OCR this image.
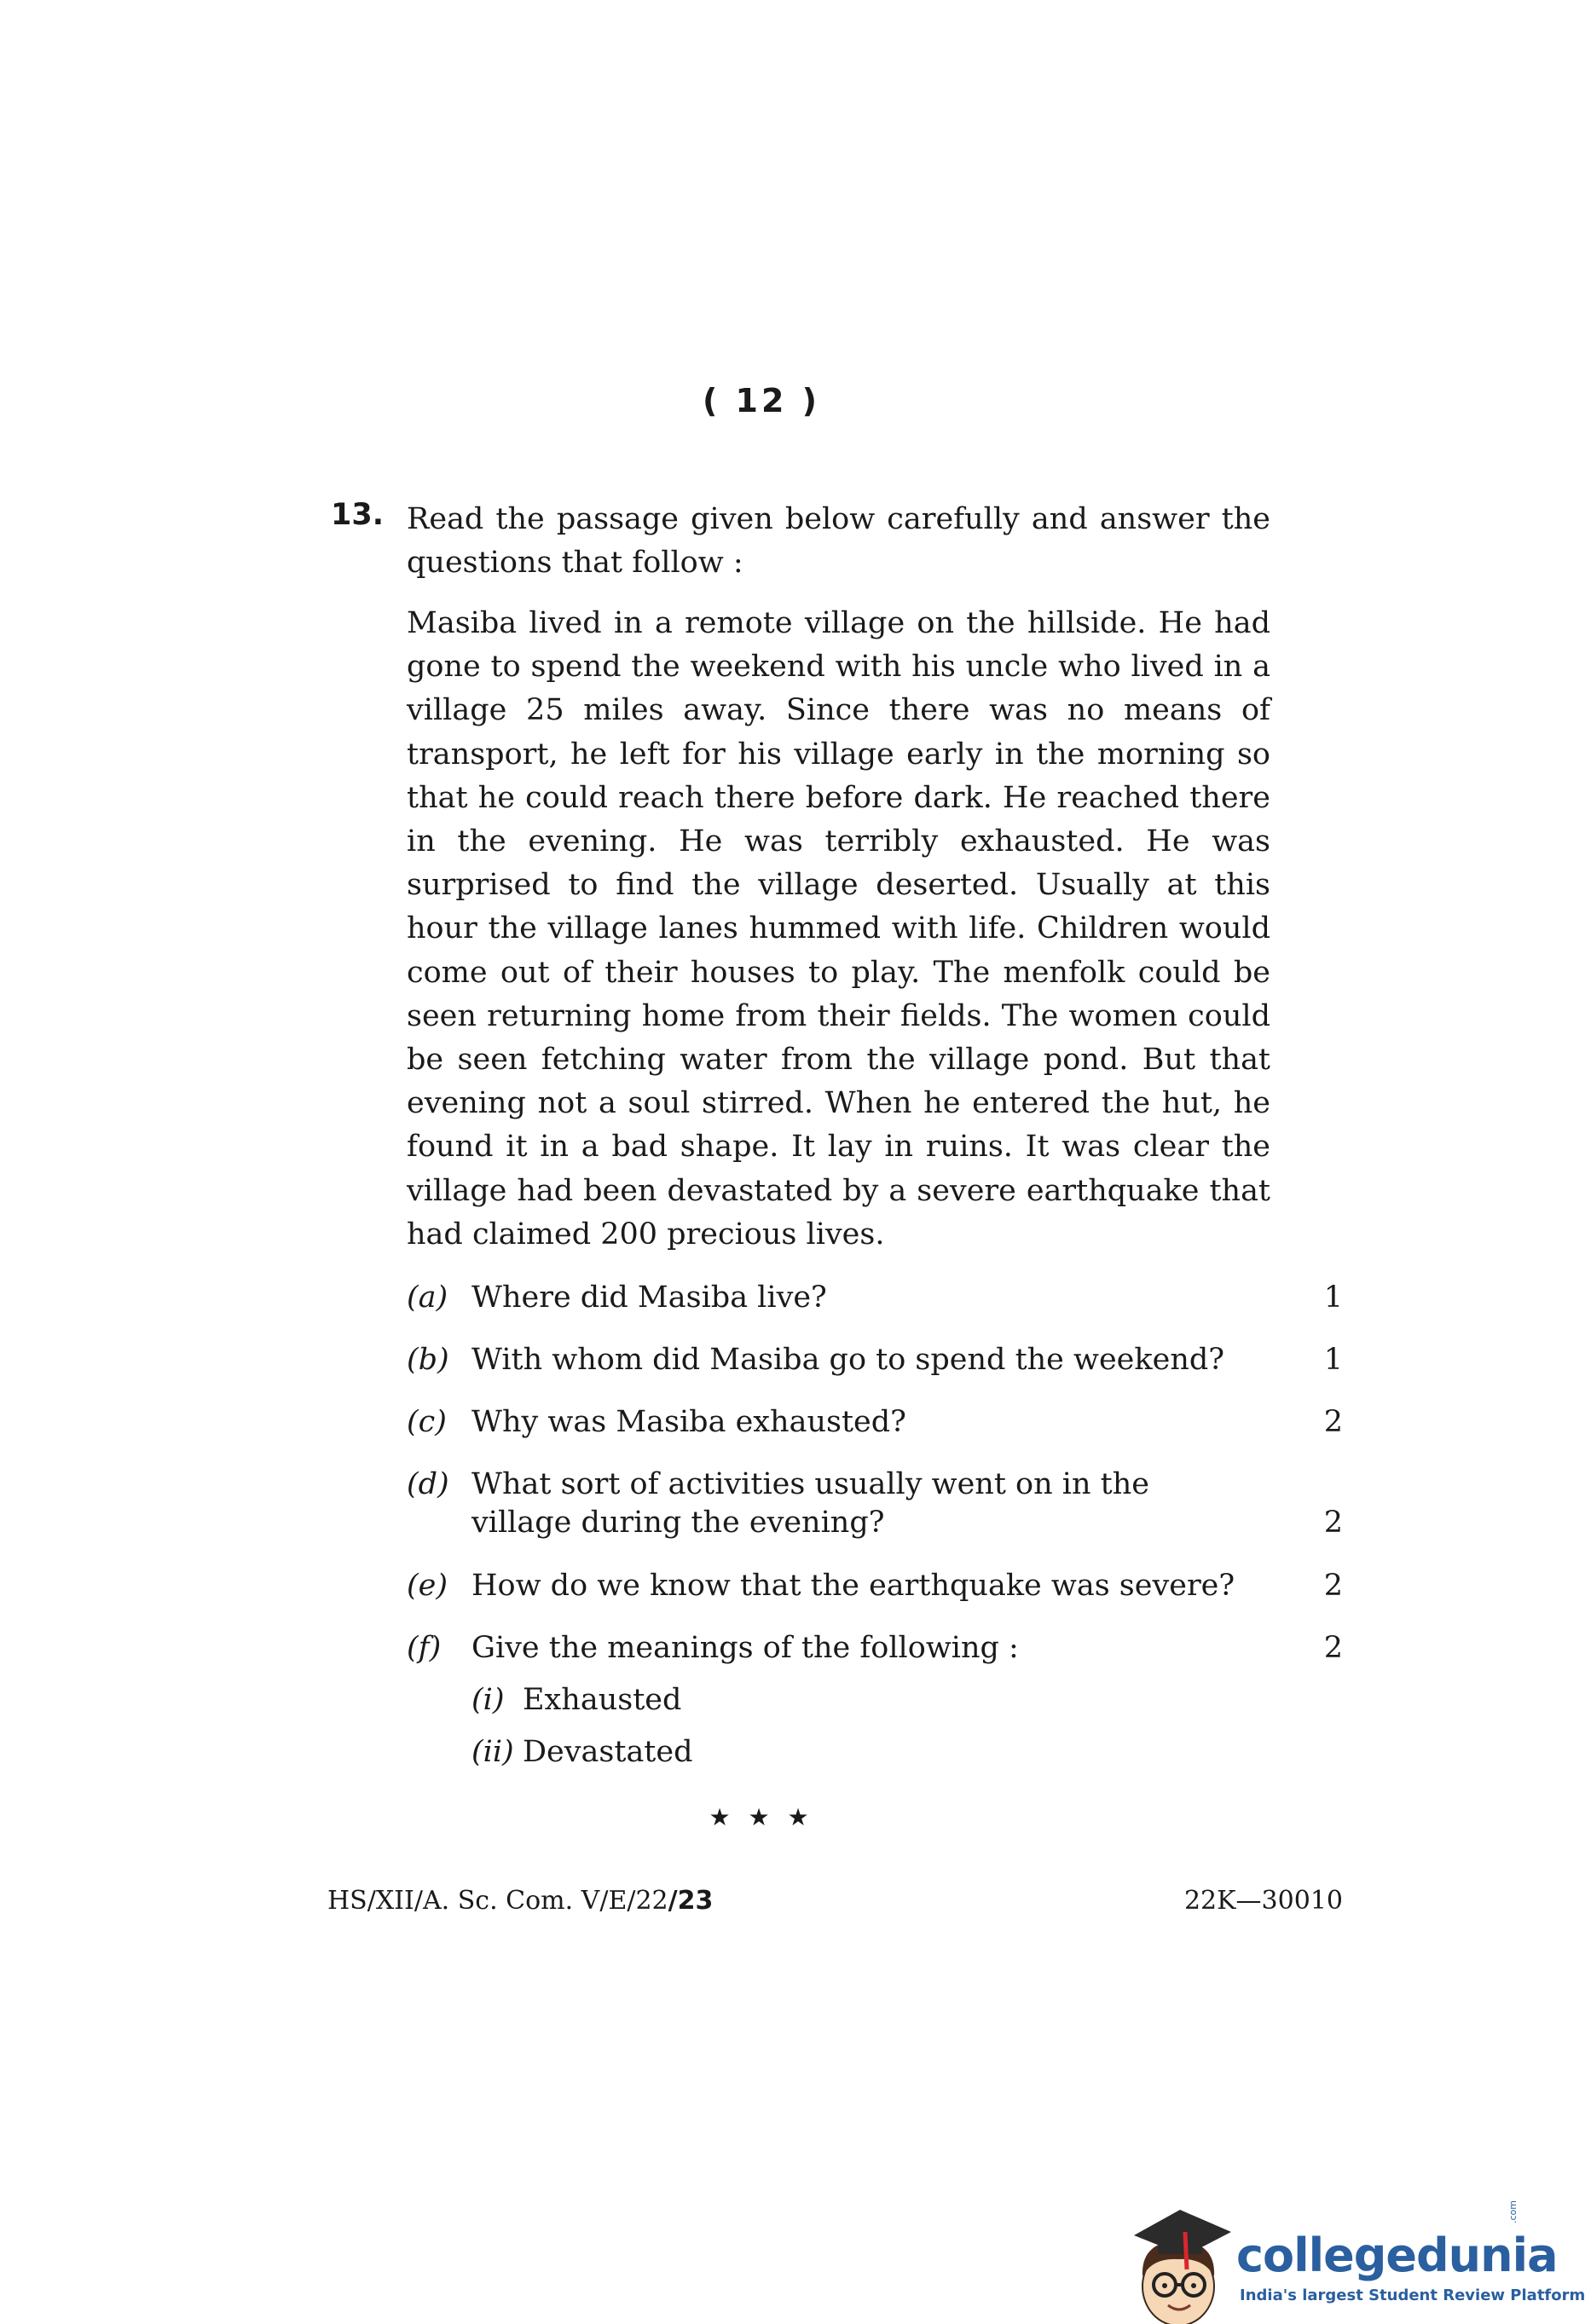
( 12 )
13. Read the passage given below carefully and answer the questions that follow :
Masiba lived in a remote village on the hillside. He had gone to spend the weekend with his uncle who lived in a village 25 miles away. Since there was no means of transport, he left for his village early in the morning so that he could reach there before dark. He reached there in the evening. He was terribly exhausted. He was surprised to find the village deserted. Usually at this hour the village lanes hummed with life. Children would come out of their houses to play. The menfolk could be seen returning home from their fields. The women could be seen fetching water from the village pond. But that evening not a soul stirred. When he entered the hut, he found it in a bad shape. It lay in ruins. It was clear the village had been devastated by a severe earthquake that had claimed 200 precious lives.
(a) Where did Masiba live?	1
(b) With whom did Masiba go to spend the weekend?	1
(c) Why was Masiba exhausted?	2
(d) What sort of activities usually went on in the village during the evening?	2
(e) How do we know that the earthquake was severe?	2
(f) Give the meanings of the following :	2
(i) Exhausted
(ii) Devastated
★ ★ ★
HS/XII/A. Sc. Com. V/E/22/23	22K—30010
collegedunia
.com
India's largest Student Review Platform
